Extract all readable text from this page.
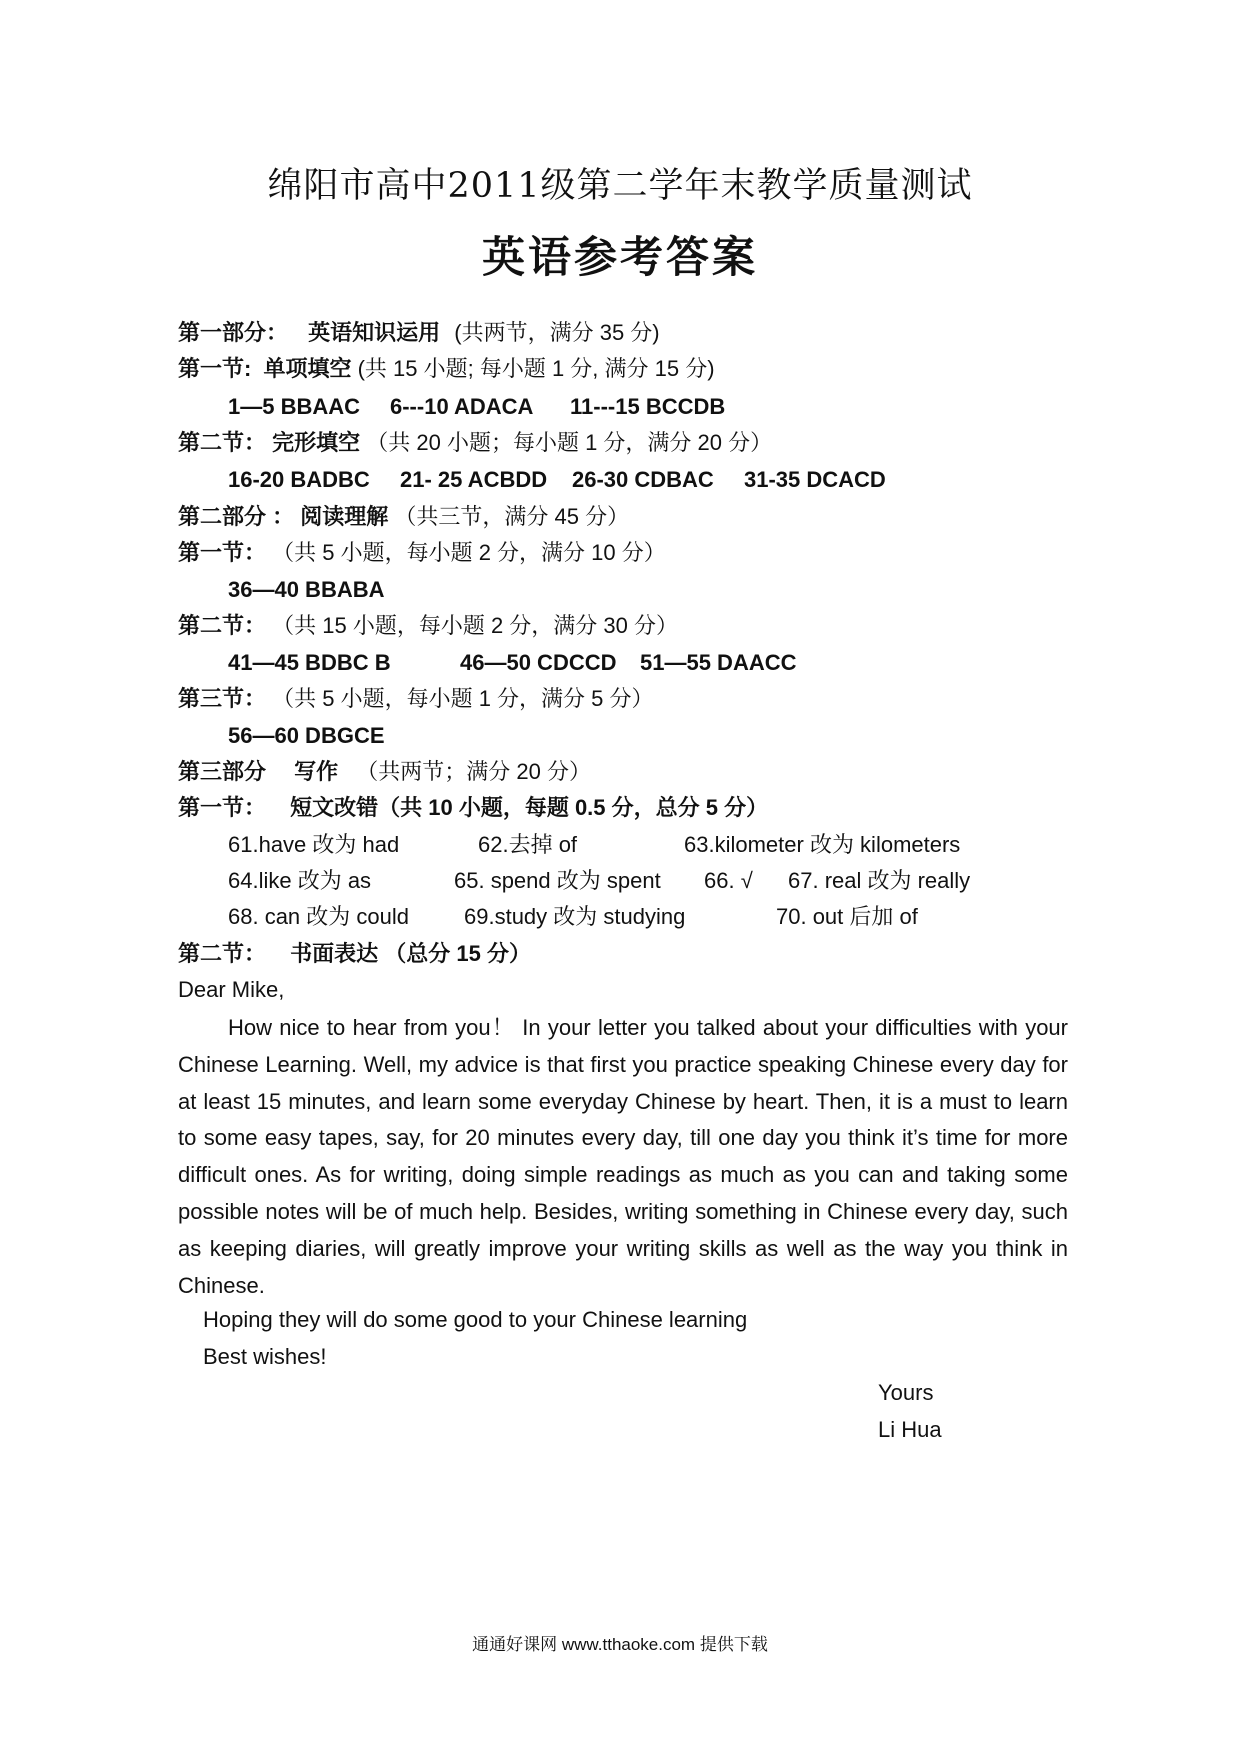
绵阳市高中2011级第二学年末教学质量测试
英语参考答案
第一部分： 英语知识运用 (共两节，满分 35 分)
第一节: 单项填空 (共 15 小题; 每小题 1 分, 满分 15 分)
1—5 BBAAC 6---10 ADACA 11---15 BCCDB
第二节： 完形填空 （共 20 小题；每小题 1 分，满分 20 分）
16-20 BADBC 21- 25 ACBDD 26-30 CDBAC 31-35 DCACD
第二部分 ： 阅读理解 （共三节，满分 45 分）
第一节： （共 5 小题，每小题 2 分，满分 10 分）
36—40 BBABA
第二节： （共 15 小题，每小题 2 分，满分 30 分）
41—45 BDBC B	46—50 CDCCD 51—55 DAACC
第三节： （共 5 小题，每小题 1 分，满分 5 分）
56—60 DBGCE
第三部分 写作 （共两节；满分 20 分）
第一节： 短文改错（共 10 小题，每题 0.5 分，总分 5 分）
61.have 改为 had	62.去掉 of	63.kilometer 改为 kilometers
64.like 改为 as	65. spend 改为 spent 66. √ 67. real 改为 really
68. can 改为 could	69.study 改为 studying	70. out 后加 of
第二节： 书面表达 （总分 15 分）
Dear Mike,
How nice to hear from you！ In your letter you talked about your difficulties with your Chinese Learning. Well, my advice is that first you practice speaking Chinese every day for at least 15 minutes, and learn some everyday Chinese by heart. Then, it is a must to learn to some easy tapes, say, for 20 minutes every day, till one day you think it’s time for more difficult ones. As for writing, doing simple readings as much as you can and taking some possible notes will be of much help. Besides, writing something in Chinese every day, such as keeping diaries, will greatly improve your writing skills as well as the way you think in Chinese.
Hoping they will do some good to your Chinese learning
Best wishes!
Yours
Li Hua
通通好课网 www.tthaoke.com 提供下载
